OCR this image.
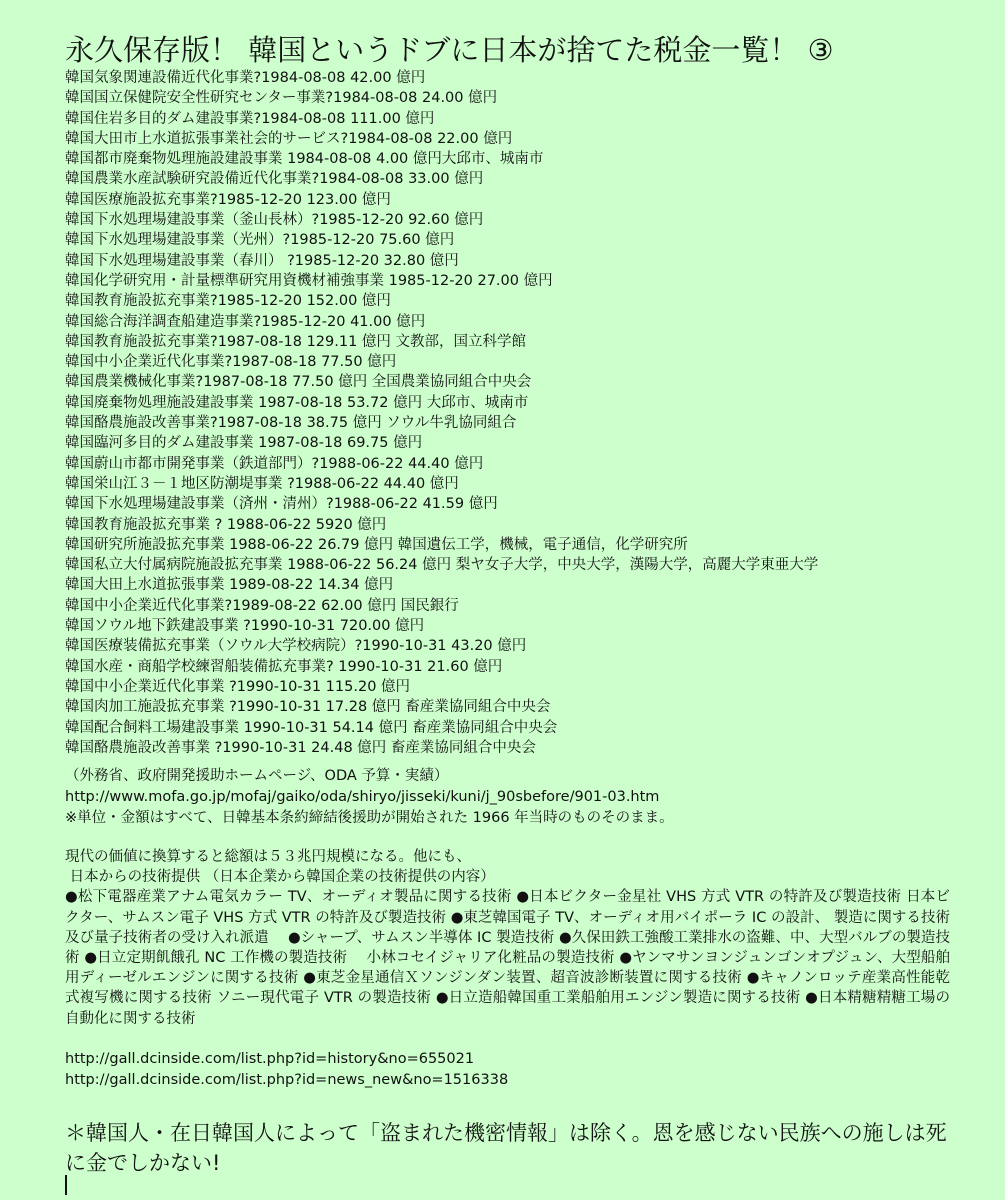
永久保存版！ 韓国というドブに日本が捨てた税金一覧！ ③
韓国気象関連設備近代化事業?1984-08-08 42.00 億円
韓国国立保健院安全性研究センター事業?1984-08-08 24.00 億円
韓国住岩多目的ダム建設事業?1984-08-08 111.00 億円
韓国大田市上水道拡張事業社会的サービス?1984-08-08 22.00 億円
韓国都市廃棄物処理施設建設事業 1984-08-08 4.00 億円大邱市、城南市
韓国農業水産試験研究設備近代化事業?1984-08-08 33.00 億円
韓国医療施設拡充事業?1985-12-20 123.00 億円
韓国下水処理場建設事業（釜山長林）?1985-12-20 92.60 億円
韓国下水処理場建設事業（光州）?1985-12-20 75.60 億円
韓国下水処理場建設事業（春川） ?1985-12-20 32.80 億円
韓国化学研究用・計量標準研究用資機材補強事業 1985-12-20 27.00 億円
韓国教育施設拡充事業?1985-12-20 152.00 億円
韓国総合海洋調査船建造事業?1985-12-20 41.00 億円
韓国教育施設拡充事業?1987-08-18 129.11 億円 文教部，国立科学館
韓国中小企業近代化事業?1987-08-18 77.50 億円
韓国農業機械化事業?1987-08-18 77.50 億円 全国農業協同組合中央会
韓国廃棄物処理施設建設事業 1987-08-18 53.72 億円 大邱市、城南市
韓国酪農施設改善事業?1987-08-18 38.75 億円 ソウル牛乳協同組合
韓国臨河多目的ダム建設事業 1987-08-18 69.75 億円
韓国蔚山市都市開発事業（鉄道部門）?1988-06-22 44.40 億円
韓国栄山江３－１地区防潮堤事業 ?1988-06-22 44.40 億円
韓国下水処理場建設事業（済州・清州）?1988-06-22 41.59 億円
韓国教育施設拡充事業 ? 1988-06-22 5920 億円
韓国研究所施設拡充事業 1988-06-22 26.79 億円 韓国遺伝工学，機械，電子通信，化学研究所
韓国私立大付属病院施設拡充事業 1988-06-22 56.24 億円 梨ヤ女子大学，中央大学，漢陽大学，高麗大学東亜大学
韓国大田上水道拡張事業 1989-08-22 14.34 億円
韓国中小企業近代化事業?1989-08-22 62.00 億円 国民銀行
韓国ソウル地下鉄建設事業 ?1990-10-31 720.00 億円
韓国医療装備拡充事業（ソウル大学校病院）?1990-10-31 43.20 億円
韓国水産・商船学校練習船装備拡充事業? 1990-10-31 21.60 億円
韓国中小企業近代化事業 ?1990-10-31 115.20 億円
韓国肉加工施設拡充事業 ?1990-10-31 17.28 億円 畜産業協同組合中央会
韓国配合飼料工場建設事業 1990-10-31 54.14 億円 畜産業協同組合中央会
韓国酪農施設改善事業 ?1990-10-31 24.48 億円 畜産業協同組合中央会
（外務省、政府開発援助ホームページ、ODA 予算・実績）
http://www.mofa.go.jp/mofaj/gaiko/oda/shiryo/jisseki/kuni/j_90sbefore/901-03.htm
※単位・金額はすべて、日韓基本条約締結後援助が開始された 1966 年当時のものそのまま。
現代の価値に換算すると総額は５３兆円規模になる。他にも、
日本からの技術提供 （日本企業から韓国企業の技術提供の内容）
●松下電器産業アナム電気カラー TV、オーディオ製品に関する技術 ●日本ビクター金星社 VHS 方式 VTR の特許及び製造技術 日本ビクター、サムスン電子 VHS 方式 VTR の特許及び製造技術 ●東芝韓国電子 TV、オーディオ用バイポーラ IC の設計、 製造に関する技術及び量子技術者の受け入れ派遣 　●シャープ、サムスン半導体 IC 製造技術 ●久保田鉄工強酸工業排水の盗難、中、大型バルブの製造技術 ●日立定期飢餓孔 NC 工作機の製造技術 　小林コセイジャリア化粧品の製造技術 ●ヤンマサンヨンジュンゴンオプジュン、大型船舶用ディーゼルエンジンに関する技術 ●東芝金星通信Ｘソンジンダン装置、超音波診断装置に関する技術 ●キャノンロッテ産業高性能乾式複写機に関する技術 ソニー現代電子 VTR の製造技術 ●日立造船韓国重工業船舶用エンジン製造に関する技術 ●日本精糖精糖工場の自動化に関する技術
http://gall.dcinside.com/list.php?id=history&no=655021
http://gall.dcinside.com/list.php?id=news_new&no=1516338
＊韓国人・在日韓国人によって「盗まれた機密情報」は除く。恩を感じない民族への施しは死に金でしかない!
